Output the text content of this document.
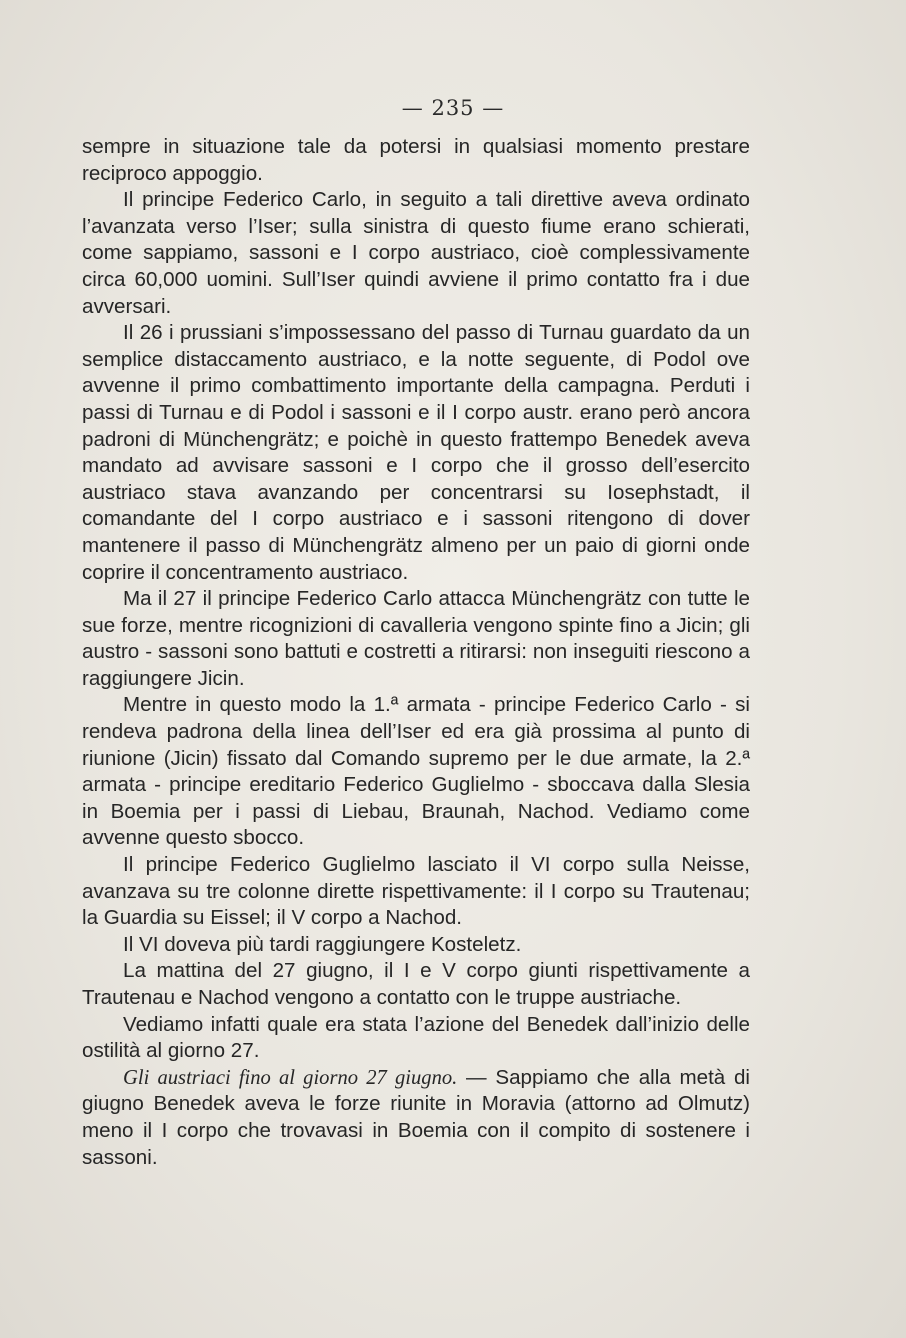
— 235 —

sempre in situazione tale da potersi in qualsiasi momento prestare reciproco appoggio.

Il principe Federico Carlo, in seguito a tali direttive aveva ordinato l’avanzata verso l’Iser; sulla sinistra di questo fiume erano schierati, come sappiamo, sassoni e I corpo austriaco, cioè complessivamente circa 60,000 uomini. Sull’Iser quindi avviene il primo contatto fra i due avversari.

Il 26 i prussiani s’impossessano del passo di Turnau guardato da un semplice distaccamento austriaco, e la notte seguente, di Podol ove avvenne il primo combattimento importante della campagna. Perduti i passi di Turnau e di Podol i sassoni e il I corpo austr. erano però ancora padroni di Münchengrätz; e poichè in questo frattempo Benedek aveva mandato ad avvisare sassoni e I corpo che il grosso dell’esercito austriaco stava avanzando per concentrarsi su Iosephstadt, il comandante del I corpo austriaco e i sassoni ritengono di dover mantenere il passo di Münchengrätz almeno per un paio di giorni onde coprire il concentramento austriaco.

Ma il 27 il principe Federico Carlo attacca Münchengrätz con tutte le sue forze, mentre ricognizioni di cavalleria vengono spinte fino a Jicin; gli austro - sassoni sono battuti e costretti a ritirarsi: non inseguiti riescono a raggiungere Jicin.

Mentre in questo modo la 1.ª armata - principe Federico Carlo - si rendeva padrona della linea dell’Iser ed era già prossima al punto di riunione (Jicin) fissato dal Comando supremo per le due armate, la 2.ª armata - principe ereditario Federico Guglielmo - sboccava dalla Slesia in Boemia per i passi di Liebau, Braunah, Nachod. Vediamo come avvenne questo sbocco.

Il principe Federico Guglielmo lasciato il VI corpo sulla Neisse, avanzava su tre colonne dirette rispettivamente: il I corpo su Trautenau; la Guardia su Eissel; il V corpo a Nachod.

Il VI doveva più tardi raggiungere Kosteletz.

La mattina del 27 giugno, il I e V corpo giunti rispettivamente a Trautenau e Nachod vengono a contatto con le truppe austriache.

Vediamo infatti quale era stata l’azione del Benedek dall’inizio delle ostilità al giorno 27.

Gli austriaci fino al giorno 27 giugno. — Sappiamo che alla metà di giugno Benedek aveva le forze riunite in Moravia (attorno ad Olmutz) meno il I corpo che trovavasi in Boemia con il compito di sostenere i sassoni.
